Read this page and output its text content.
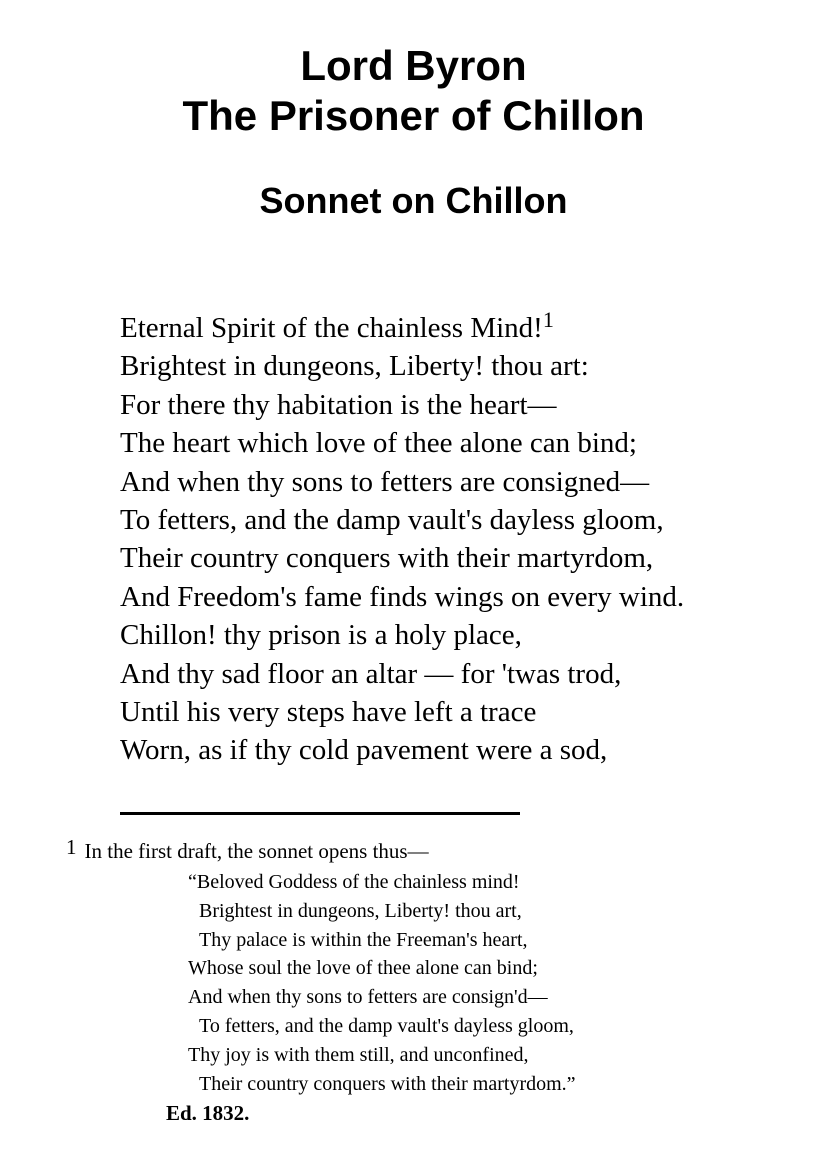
Lord Byron
The Prisoner of Chillon
Sonnet on Chillon
Eternal Spirit of the chainless Mind!$^1$
Brightest in dungeons, Liberty! thou art:
For there thy habitation is the heart—
The heart which love of thee alone can bind;
And when thy sons to fetters are consigned—
To fetters, and the damp vault's dayless gloom,
Their country conquers with their martyrdom,
And Freedom's fame finds wings on every wind.
Chillon! thy prison is a holy place,
And thy sad floor an altar — for 'twas trod,
Until his very steps have left a trace
Worn, as if thy cold pavement were a sod,
1 In the first draft, the sonnet opens thus—
“Beloved Goddess of the chainless mind!
Brightest in dungeons, Liberty! thou art,
Thy palace is within the Freeman's heart,
Whose soul the love of thee alone can bind;
And when thy sons to fetters are consign'd—
To fetters, and the damp vault's dayless gloom,
Thy joy is with them still, and unconfined,
Their country conquers with their martyrdom.”
Ed. 1832.
